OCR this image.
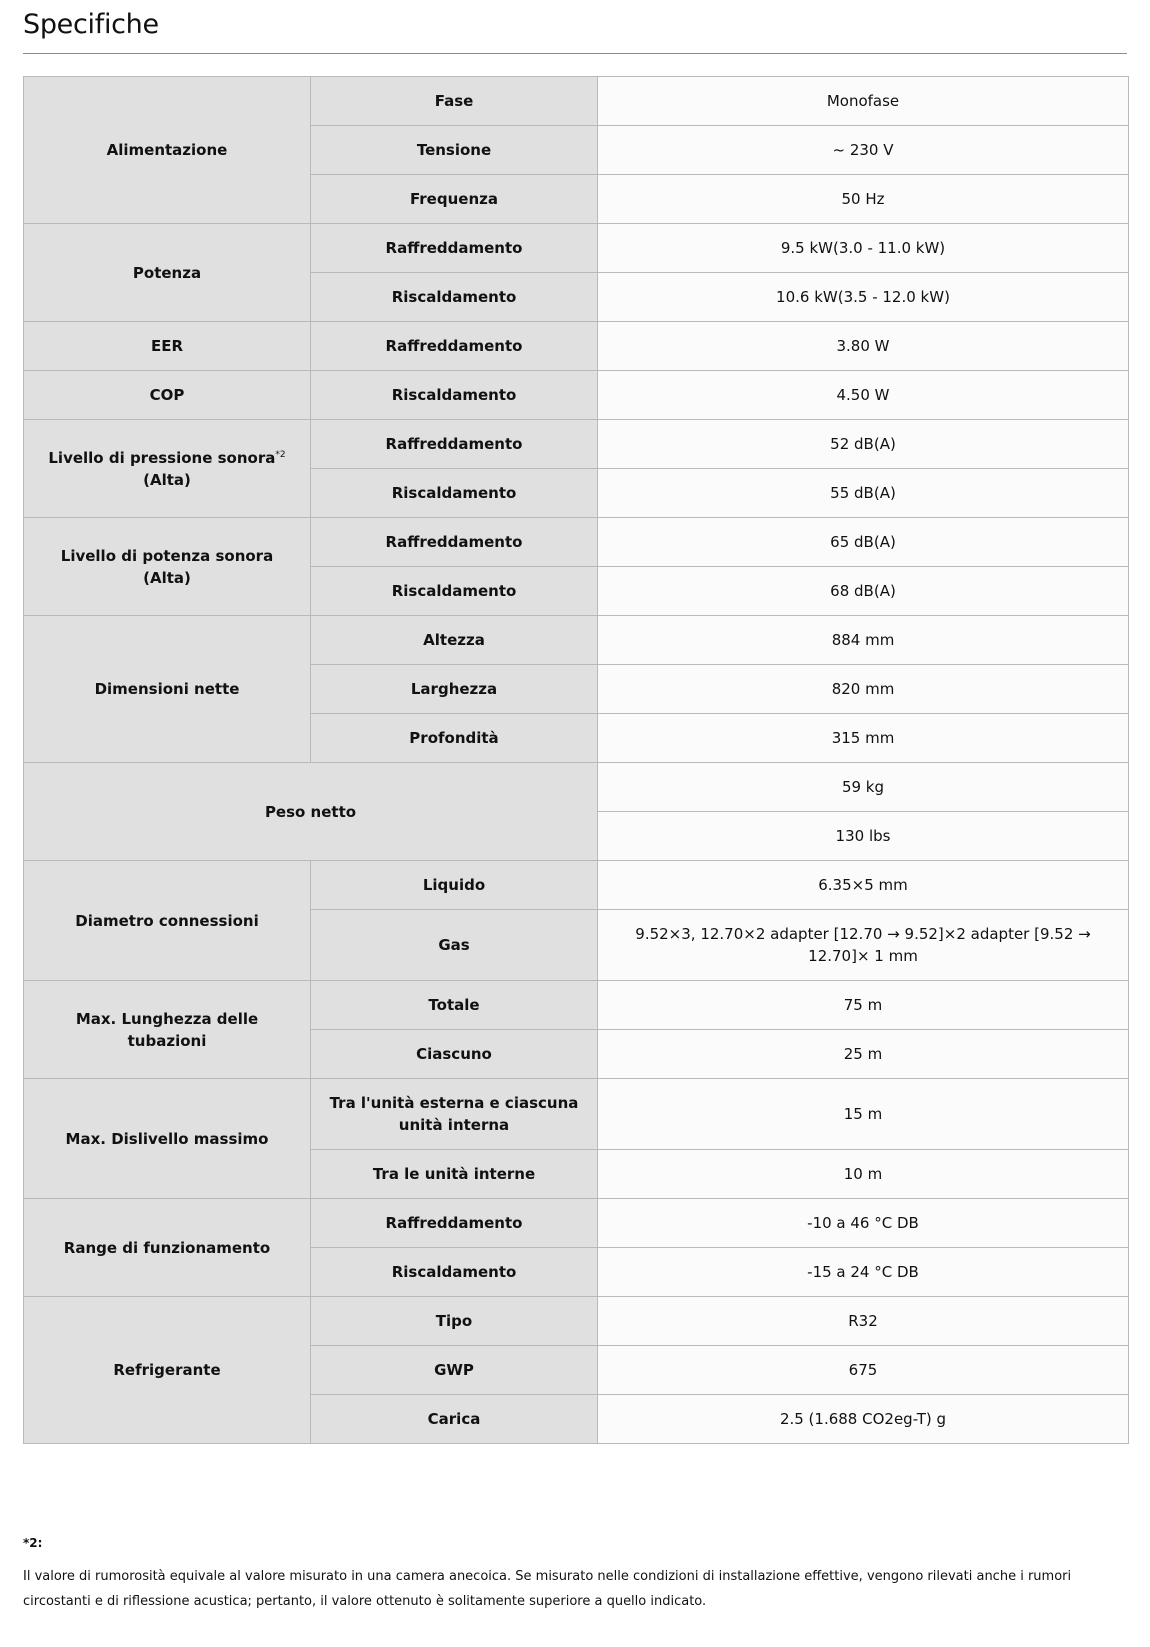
Specifiche
Alimentazione	Fase	Monofase
	Tensione	~ 230 V
	Frequenza	50 Hz
Potenza	Raffreddamento	9.5 kW(3.0 - 11.0 kW)
	Riscaldamento	10.6 kW(3.5 - 12.0 kW)
EER	Raffreddamento	3.80 W
COP	Riscaldamento	4.50 W
Livello di pressione sonora$^{*2}$ (Alta)	Raffreddamento	52 dB(A)
	Riscaldamento	55 dB(A)
Livello di potenza sonora (Alta)	Raffreddamento	65 dB(A)
	Riscaldamento	68 dB(A)
Dimensioni nette	Altezza	884 mm
	Larghezza	820 mm
	Profondità	315 mm
Peso netto		59 kg
		130 lbs
Diametro connessioni	Liquido	6.35×5 mm
	Gas	9.52×3, 12.70×2 adapter [12.70 → 9.52]×2 adapter [9.52 → 12.70]× 1 mm
Max. Lunghezza delle tubazioni	Totale	75 m
	Ciascuno	25 m
Max. Dislivello massimo	Tra l'unità esterna e ciascuna unità interna	15 m
	Tra le unità interne	10 m
Range di funzionamento	Raffreddamento	-10 a 46 °C DB
	Riscaldamento	-15 a 24 °C DB
Refrigerante	Tipo	R32
	GWP	675
	Carica	2.5 (1.688 CO2eg-T) g
*2:
Il valore di rumorosità equivale al valore misurato in una camera anecoica. Se misurato nelle condizioni di installazione effettive, vengono rilevati anche i rumori circostanti e di riflessione acustica; pertanto, il valore ottenuto è solitamente superiore a quello indicato.
